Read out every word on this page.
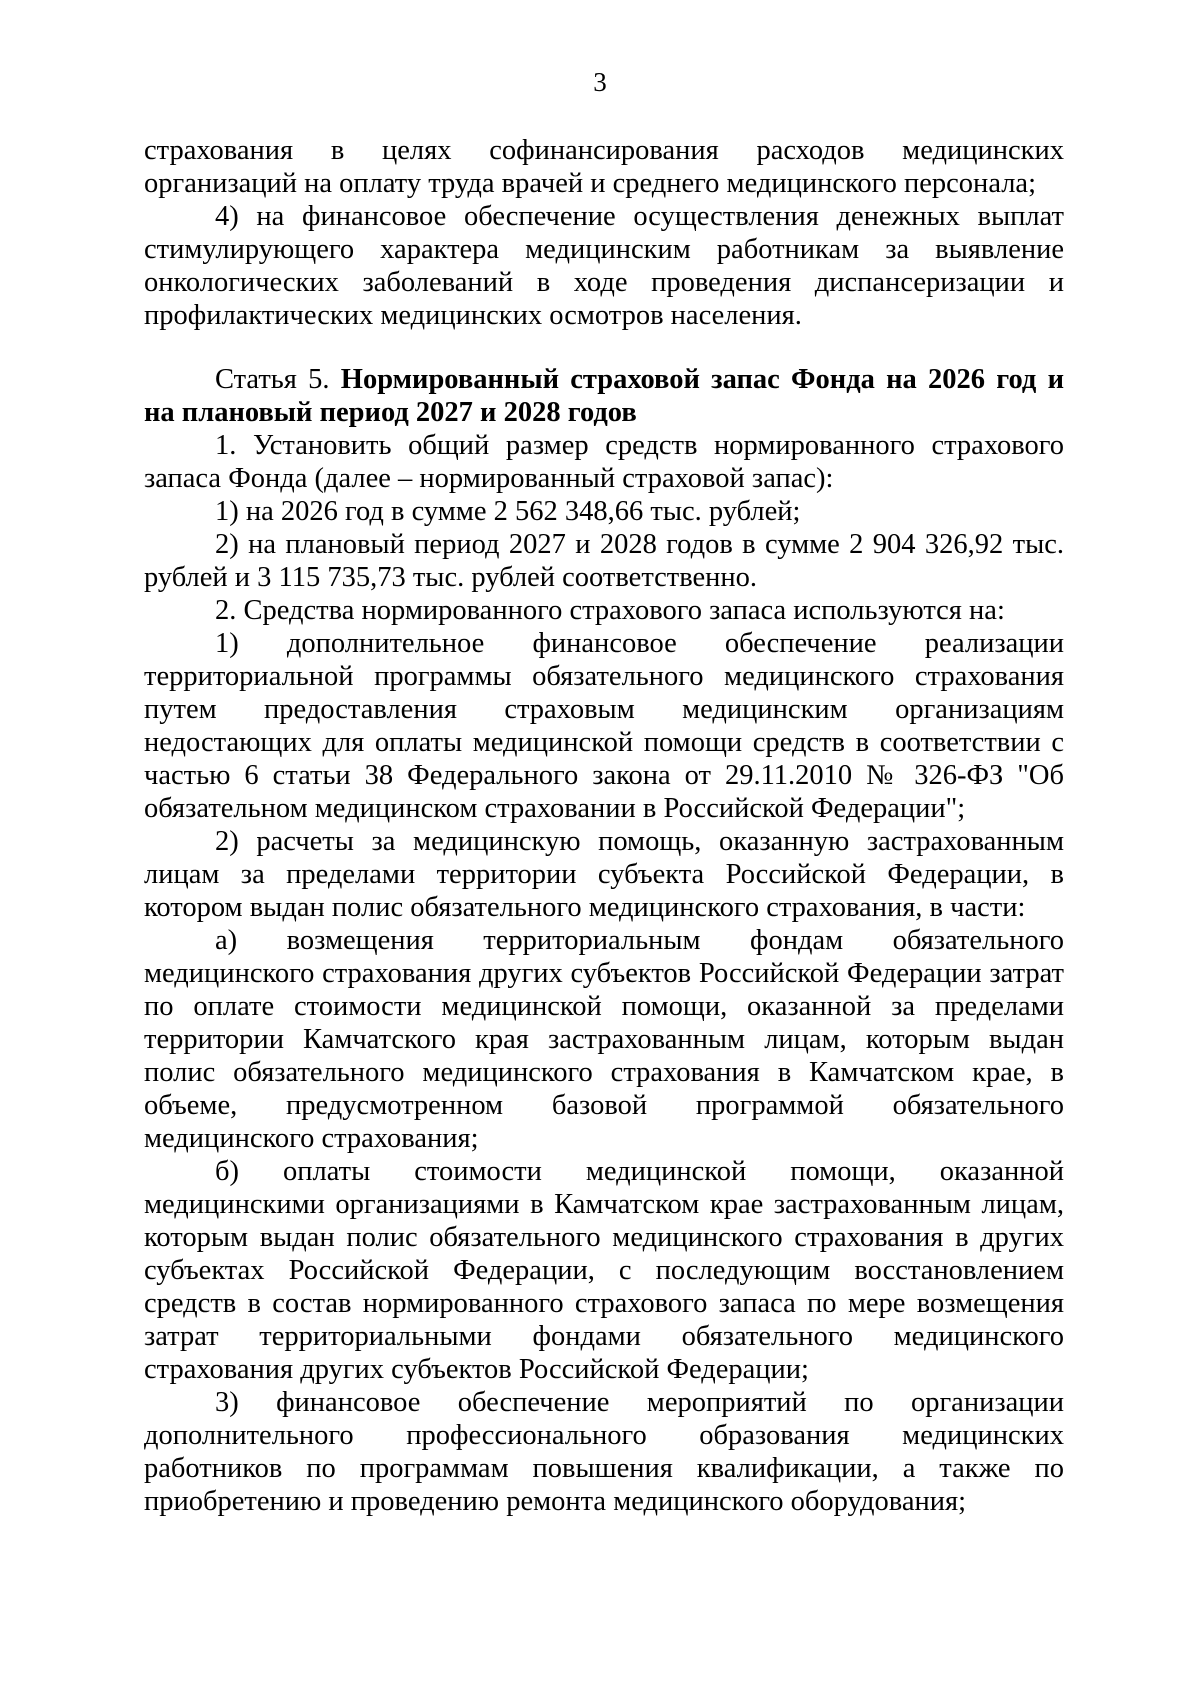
3

страхования в целях софинансирования расходов медицинских организаций на оплату труда врачей и среднего медицинского персонала;

4) на финансовое обеспечение осуществления денежных выплат стимулирующего характера медицинским работникам за выявление онкологических заболеваний в ходе проведения диспансеризации и профилактических медицинских осмотров населения.

Статья 5. Нормированный страховой запас Фонда на 2026 год и на плановый период 2027 и 2028 годов

1. Установить общий размер средств нормированного страхового запаса Фонда (далее – нормированный страховой запас):

1) на 2026 год в сумме 2 562 348,66 тыс. рублей;

2) на плановый период 2027 и 2028 годов в сумме 2 904 326,92 тыс. рублей и 3 115 735,73 тыс. рублей соответственно.

2. Средства нормированного страхового запаса используются на:

1) дополнительное финансовое обеспечение реализации территориальной программы обязательного медицинского страхования путем предоставления страховым медицинским организациям недостающих для оплаты медицинской помощи средств в соответствии с частью 6 статьи 38 Федерального закона от 29.11.2010 № 326-ФЗ "Об обязательном медицинском страховании в Российской Федерации";

2) расчеты за медицинскую помощь, оказанную застрахованным лицам за пределами территории субъекта Российской Федерации, в котором выдан полис обязательного медицинского страхования, в части:

а) возмещения территориальным фондам обязательного медицинского страхования других субъектов Российской Федерации затрат по оплате стоимости медицинской помощи, оказанной за пределами территории Камчатского края застрахованным лицам, которым выдан полис обязательного медицинского страхования в Камчатском крае, в объеме, предусмотренном базовой программой обязательного медицинского страхования;

б) оплаты стоимости медицинской помощи, оказанной медицинскими организациями в Камчатском крае застрахованным лицам, которым выдан полис обязательного медицинского страхования в других субъектах Российской Федерации, с последующим восстановлением средств в состав нормированного страхового запаса по мере возмещения затрат территориальными фондами обязательного медицинского страхования других субъектов Российской Федерации;

3) финансовое обеспечение мероприятий по организации дополнительного профессионального образования медицинских работников по программам повышения квалификации, а также по приобретению и проведению ремонта медицинского оборудования;
